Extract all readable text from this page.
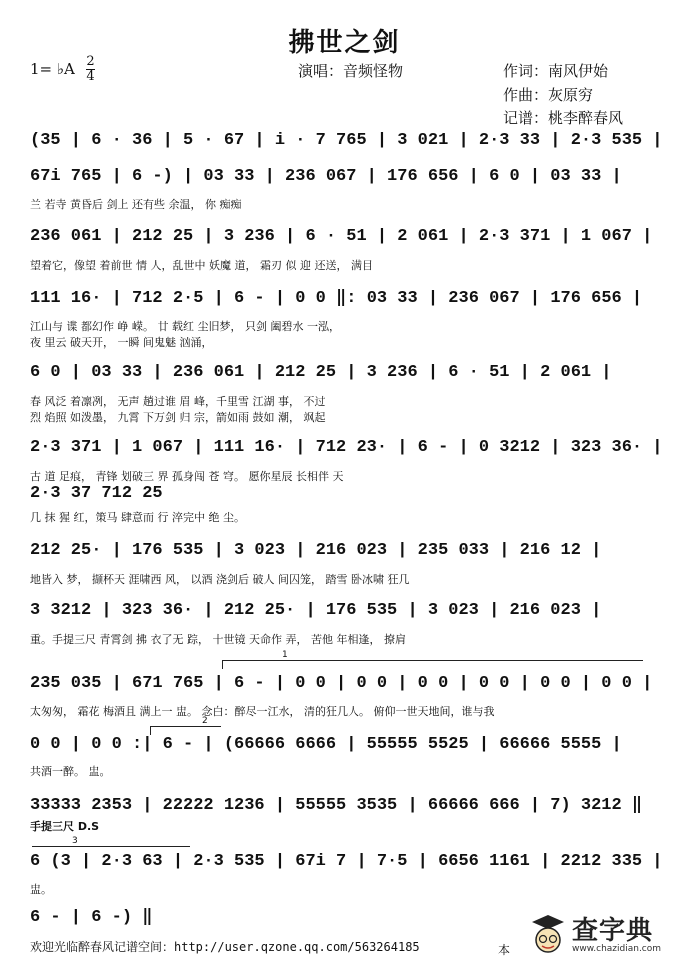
拂世之剑
1= ♭A 2
4	演唱：音频怪物	作词：南风伊始
作曲：灰原穷
记谱：桃李醉春风
(35 | 6 · 36 | 5 · 67 | i · 7 765 | 3 021 | 2·3 33 | 2·3 535 |
67i 765 | 6 -) | 03 33 | 236 067 | 176 656 | 6 0 | 03 33 |
兰 若寺 黄昏后 剑上 还有些 余温， 你 痴痴
236 061 | 212 25 | 3 236 | 6 · 51 | 2 061 | 2·3 371 | 1 067 |
望着它，像望 着前世 情 人，乱世中 妖魔 道， 霜刃 似 迎 还送， 满目
111 16· | 712 2·5 | 6 - | 0 0 ‖: 03 33 | 236 067 | 176 656 |
江山与 谍 都幻作 峥 嵘。 廿 载红 尘旧梦， 只剑 阖碧水 一泓，
夜 里云 破天开， 一瞬 间鬼魅 汹涌，
6 0 | 03 33 | 236 061 | 212 25 | 3 236 | 6 · 51 | 2 061 |
春 风泛 着凛冽， 无声 趟过谁 眉 峰，千里雪 江湖 事， 不过
烈 焰照 如泼墨， 九霄 下万剑 归 宗，箭如雨 鼓如 潮， 飒起
2·3 371 | 1 067 | 111 16· | 712 23· | 6 - | 0 3212 | 323 36· |
古 道 足痕， 青锋 划破三 界 孤身闯 苍 穹。 愿你星辰 长相伴 天
2·3 37 712 25
几 抹 猩 红，策马 肆意而 行 淬完中 绝 尘。
212 25· | 176 535 | 3 023 | 216 023 | 235 033 | 216 12 |
地皆入 梦， 撷杯天 涯啸西 风， 以酒 浇剑后 破人 间囚笼， 踏雪 卧冰啸 狂几
3 3212 | 323 36· | 212 25· | 176 535 | 3 023 | 216 023 |
重。手提三尺 青霄剑 拂 衣了无 踪， 十世镜 天命作 弄， 苦他 年相逢， 撩肩
1
235 035 | 671 765 | 6 - | 0 0 | 0 0 | 0 0 | 0 0 | 0 0 | 0 0 |
太匆匆， 霜花 梅酒且 满上一 盅。 念白：醉尽一江水， 清的狂几人。 俯仰一世天地间，谁与我
2
0 0 | 0 0 :| 6 - | (66666 6666 | 55555 5525 | 66666 5555 |
共酒一醉。 盅。
33333 2353 | 22222 1236 | 55555 3535 | 66666 666 | 7) 3212 ‖
手提三尺 D.S
3
6 (3 | 2·3 63 | 2·3 535 | 67i 7 | 7·5 | 6656 1161 | 2212 335 |
盅。
6 - | 6 -) ‖
欢迎光临醉春风记谱空间：http://user.qzone.qq.com/563264185	本
查字典
www.chazidian.com
